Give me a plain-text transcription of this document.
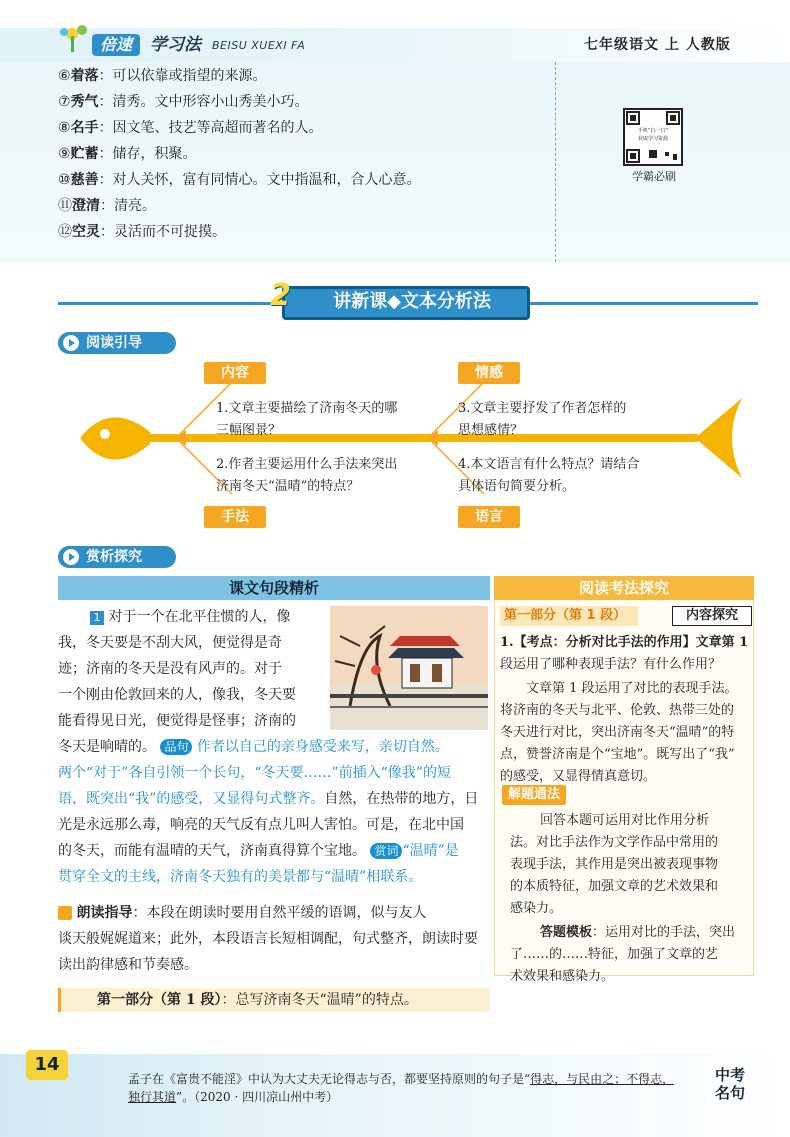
倍速	学习法 BEISU XUEXI FA	七年级语文 上 人教版
⑥着落：可以依靠或指望的来源。
⑦秀气：清秀。文中形容小山秀美小巧。
⑧名手：因文笔、技艺等高超而著名的人。
⑨贮蓄：储存，积聚。
⑩慈善：对人关怀，富有同情心。文中指温和，合人心意。
⑪澄清：清亮。
⑫空灵：灵活而不可捉摸。
手机“扫一扫”
获取学习资源
学霸必刷
2	讲新课◆文本分析法
阅读引导
内容	情感
手法	语言
1.文章主要描绘了济南冬天的哪
三幅图景？
3.文章主要抒发了作者怎样的
思想感情？
2.作者主要运用什么手法来突出
济南冬天“温晴”的特点？
4.本文语言有什么特点？请结合
具体语句简要分析。
赏析探究
课文句段精析	阅读考法探究
1 对于一个在北平住惯的人，像
我，冬天要是不刮大风，便觉得是奇
迹；济南的冬天是没有风声的。对于
一个刚由伦敦回来的人，像我，冬天要
能看得见日光，便觉得是怪事；济南的
冬天是响晴的。 品句 作者以自己的亲身感受来写，亲切自然。
两个“对于”各自引领一个长句，“冬天要……”前插入“像我”的短
语，既突出“我”的感受，又显得句式整齐。自然，在热带的地方，日
光是永远那么毒，响亮的天气反有点儿叫人害怕。可是，在北中国
的冬天，而能有温晴的天气，济南真得算个宝地。 赏词 “温晴”是
贯穿全文的主线，济南冬天独有的美景都与“温晴”相联系。
朗读指导：本段在朗读时要用自然平缓的语调，似与友人
谈天般娓娓道来；此外，本段语言长短相调配，句式整齐，朗读时要
读出韵律感和节奏感。
第一部分（第 1 段）：总写济南冬天“温晴”的特点。
第一部分（第 1 段）	内容探究
1.【考点：分析对比手法的作用】文章第 1
段运用了哪种表现手法？有什么作用？
文章第 1 段运用了对比的表现手法。
将济南的冬天与北平、伦敦、热带三处的
冬天进行对比，突出济南冬天“温晴”的特
点，赞誉济南是个“宝地”。既写出了“我”
的感受，又显得情真意切。
解题通法
回答本题可运用对比作用分析
法。对比手法作为文学作品中常用的
表现手法，其作用是突出被表现事物
的本质特征，加强文章的艺术效果和
感染力。
答题模板：运用对比的手法，突出
了……的……特征，加强了文章的艺
术效果和感染力。
14
孟子在《富贵不能淫》中认为大丈夫无论得志与否，都要坚持原则的句子是“得志，与民由之；不得志，独行其道”。（2020 · 四川凉山州中考）
中考
名句
